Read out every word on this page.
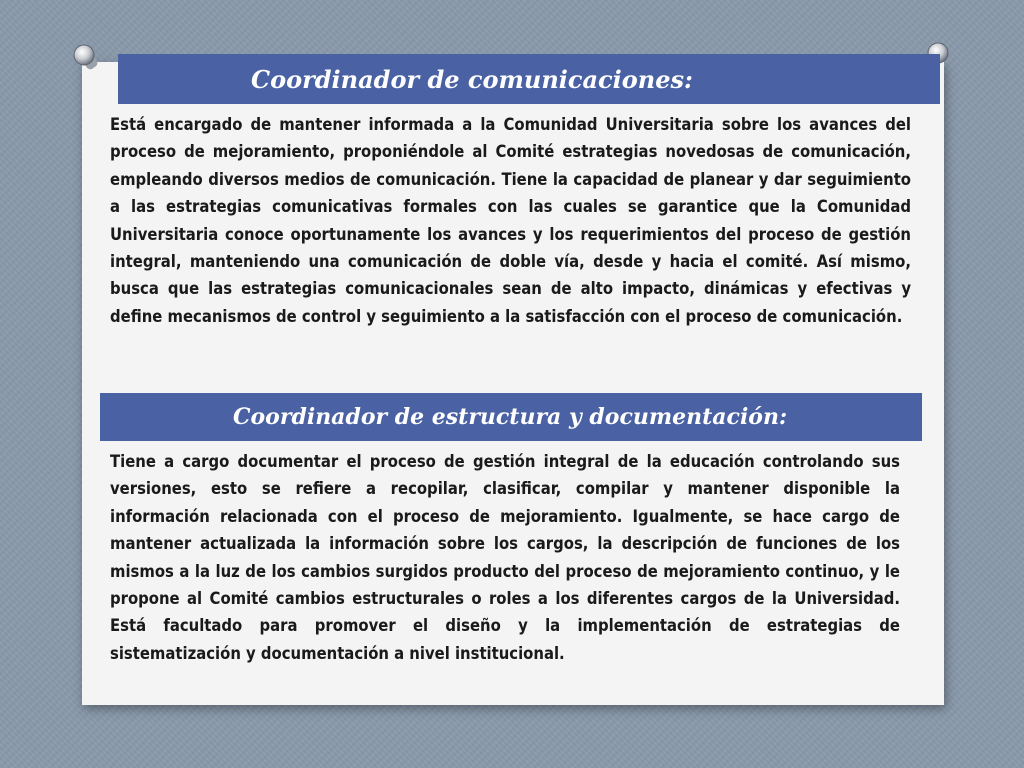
Coordinador de comunicaciones:

Está encargado de mantener informada a la Comunidad Universitaria sobre los avances del proceso de mejoramiento, proponiéndole al Comité estrategias novedosas de comunicación, empleando diversos medios de comunicación. Tiene la capacidad de planear y dar seguimiento a las estrategias comunicativas formales con las cuales se garantice que la Comunidad Universitaria conoce oportunamente los avances y los requerimientos del proceso de gestión integral, manteniendo una comunicación de doble vía, desde y hacia el comité. Así mismo, busca que las estrategias comunicacionales sean de alto impacto, dinámicas y efectivas y define mecanismos de control y seguimiento a la satisfacción con el proceso de comunicación.

Coordinador de estructura y documentación:

Tiene a cargo documentar el proceso de gestión integral de la educación controlando sus versiones, esto se refiere a recopilar, clasificar, compilar y mantener disponible la información relacionada con el proceso de mejoramiento. Igualmente, se hace cargo de mantener actualizada la información sobre los cargos, la descripción de funciones de los mismos a la luz de los cambios surgidos producto del proceso de mejoramiento continuo, y le propone al Comité cambios estructurales o roles a los diferentes cargos de la Universidad. Está facultado para promover el diseño y la implementación de estrategias de sistematización y documentación a nivel institucional.
